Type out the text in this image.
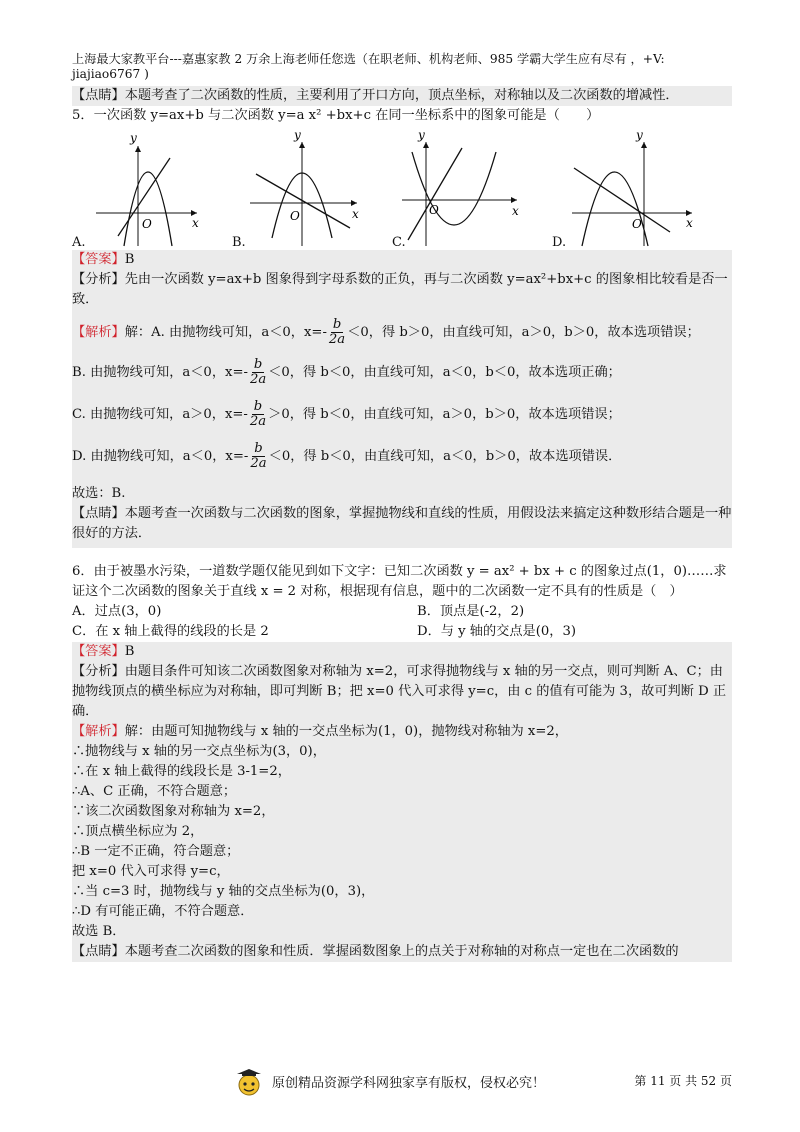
上海最大家教平台---嘉惠家教 2 万余上海老师任您选（在职老师、机构老师、985 学霸大学生应有尽有 ，+V:
jiajiao6767 )
【点睛】本题考查了二次函数的性质，主要利用了开口方向，顶点坐标，对称轴以及二次函数的增减性．
5．一次函数 y=ax+b 与二次函数 y=a x² +bx+c 在同一坐标系中的图象可能是（　　）
y
x
O
A.
y
x
O
B.
y
x
O
C.
y
x
O
D.
【答案】B
【分析】先由一次函数 y=ax+b 图象得到字母系数的正负，再与二次函数 y=ax²+bx+c 的图象相比较看是否一致．
【解析】解：A. 由抛物线可知，a＜0，$x=- \frac{b}{2a} <0$，得 b＞0，由直线可知，a＞0，b＞0，故本选项错误；
B. 由抛物线可知，a＜0，$x=- \frac{b}{2a} <0$，得 b＜0，由直线可知，a＜0，b＜0，故本选项正确；
C. 由抛物线可知，a＞0，$x=- \frac{b}{2a} >0$，得 b＜0，由直线可知，a＞0，b＞0，故本选项错误；
D. 由抛物线可知，a＜0，$x=- \frac{b}{2a} <0$，得 b＜0，由直线可知，a＜0，b＞0，故本选项错误．
故选：B.
【点睛】本题考查一次函数与二次函数的图象，掌握抛物线和直线的性质，用假设法来搞定这种数形结合题是一种很好的方法．
6．由于被墨水污染，一道数学题仅能见到如下文字：已知二次函数 y = ax² + bx + c 的图象过点(1，0)……求
证这个二次函数的图象关于直线 x = 2 对称，根据现有信息，题中的二次函数一定不具有的性质是（　）
A．过点(3，0)	B．顶点是(-2，2)
C．在 x 轴上截得的线段的长是 2	D．与 y 轴的交点是(0，3)
【答案】B
【分析】由题目条件可知该二次函数图象对称轴为 x=2，可求得抛物线与 x 轴的另一交点，则可判断 A、C；由抛物线顶点的横坐标应为对称轴，即可判断 B；把 x=0 代入可求得 y=c，由 c 的值有可能为 3，故可判断 D 正确．
【解析】解：由题可知抛物线与 x 轴的一交点坐标为(1，0)，抛物线对称轴为 x=2，
∴抛物线与 x 轴的另一交点坐标为(3，0)，
∴在 x 轴上截得的线段长是 3-1=2，
∴A、C 正确，不符合题意；
∵该二次函数图象对称轴为 x=2，
∴顶点横坐标应为 2，
∴B 一定不正确，符合题意；
把 x=0 代入可求得 y=c，
∴当 c=3 时，抛物线与 y 轴的交点坐标为(0，3)，
∴D 有可能正确，不符合题意．
故选 B．
【点睛】本题考查二次函数的图象和性质．掌握函数图象上的点关于对称轴的对称点一定也在二次函数的
原创精品资源学科网独家享有版权，侵权必究！	第 11 页 共 52 页
